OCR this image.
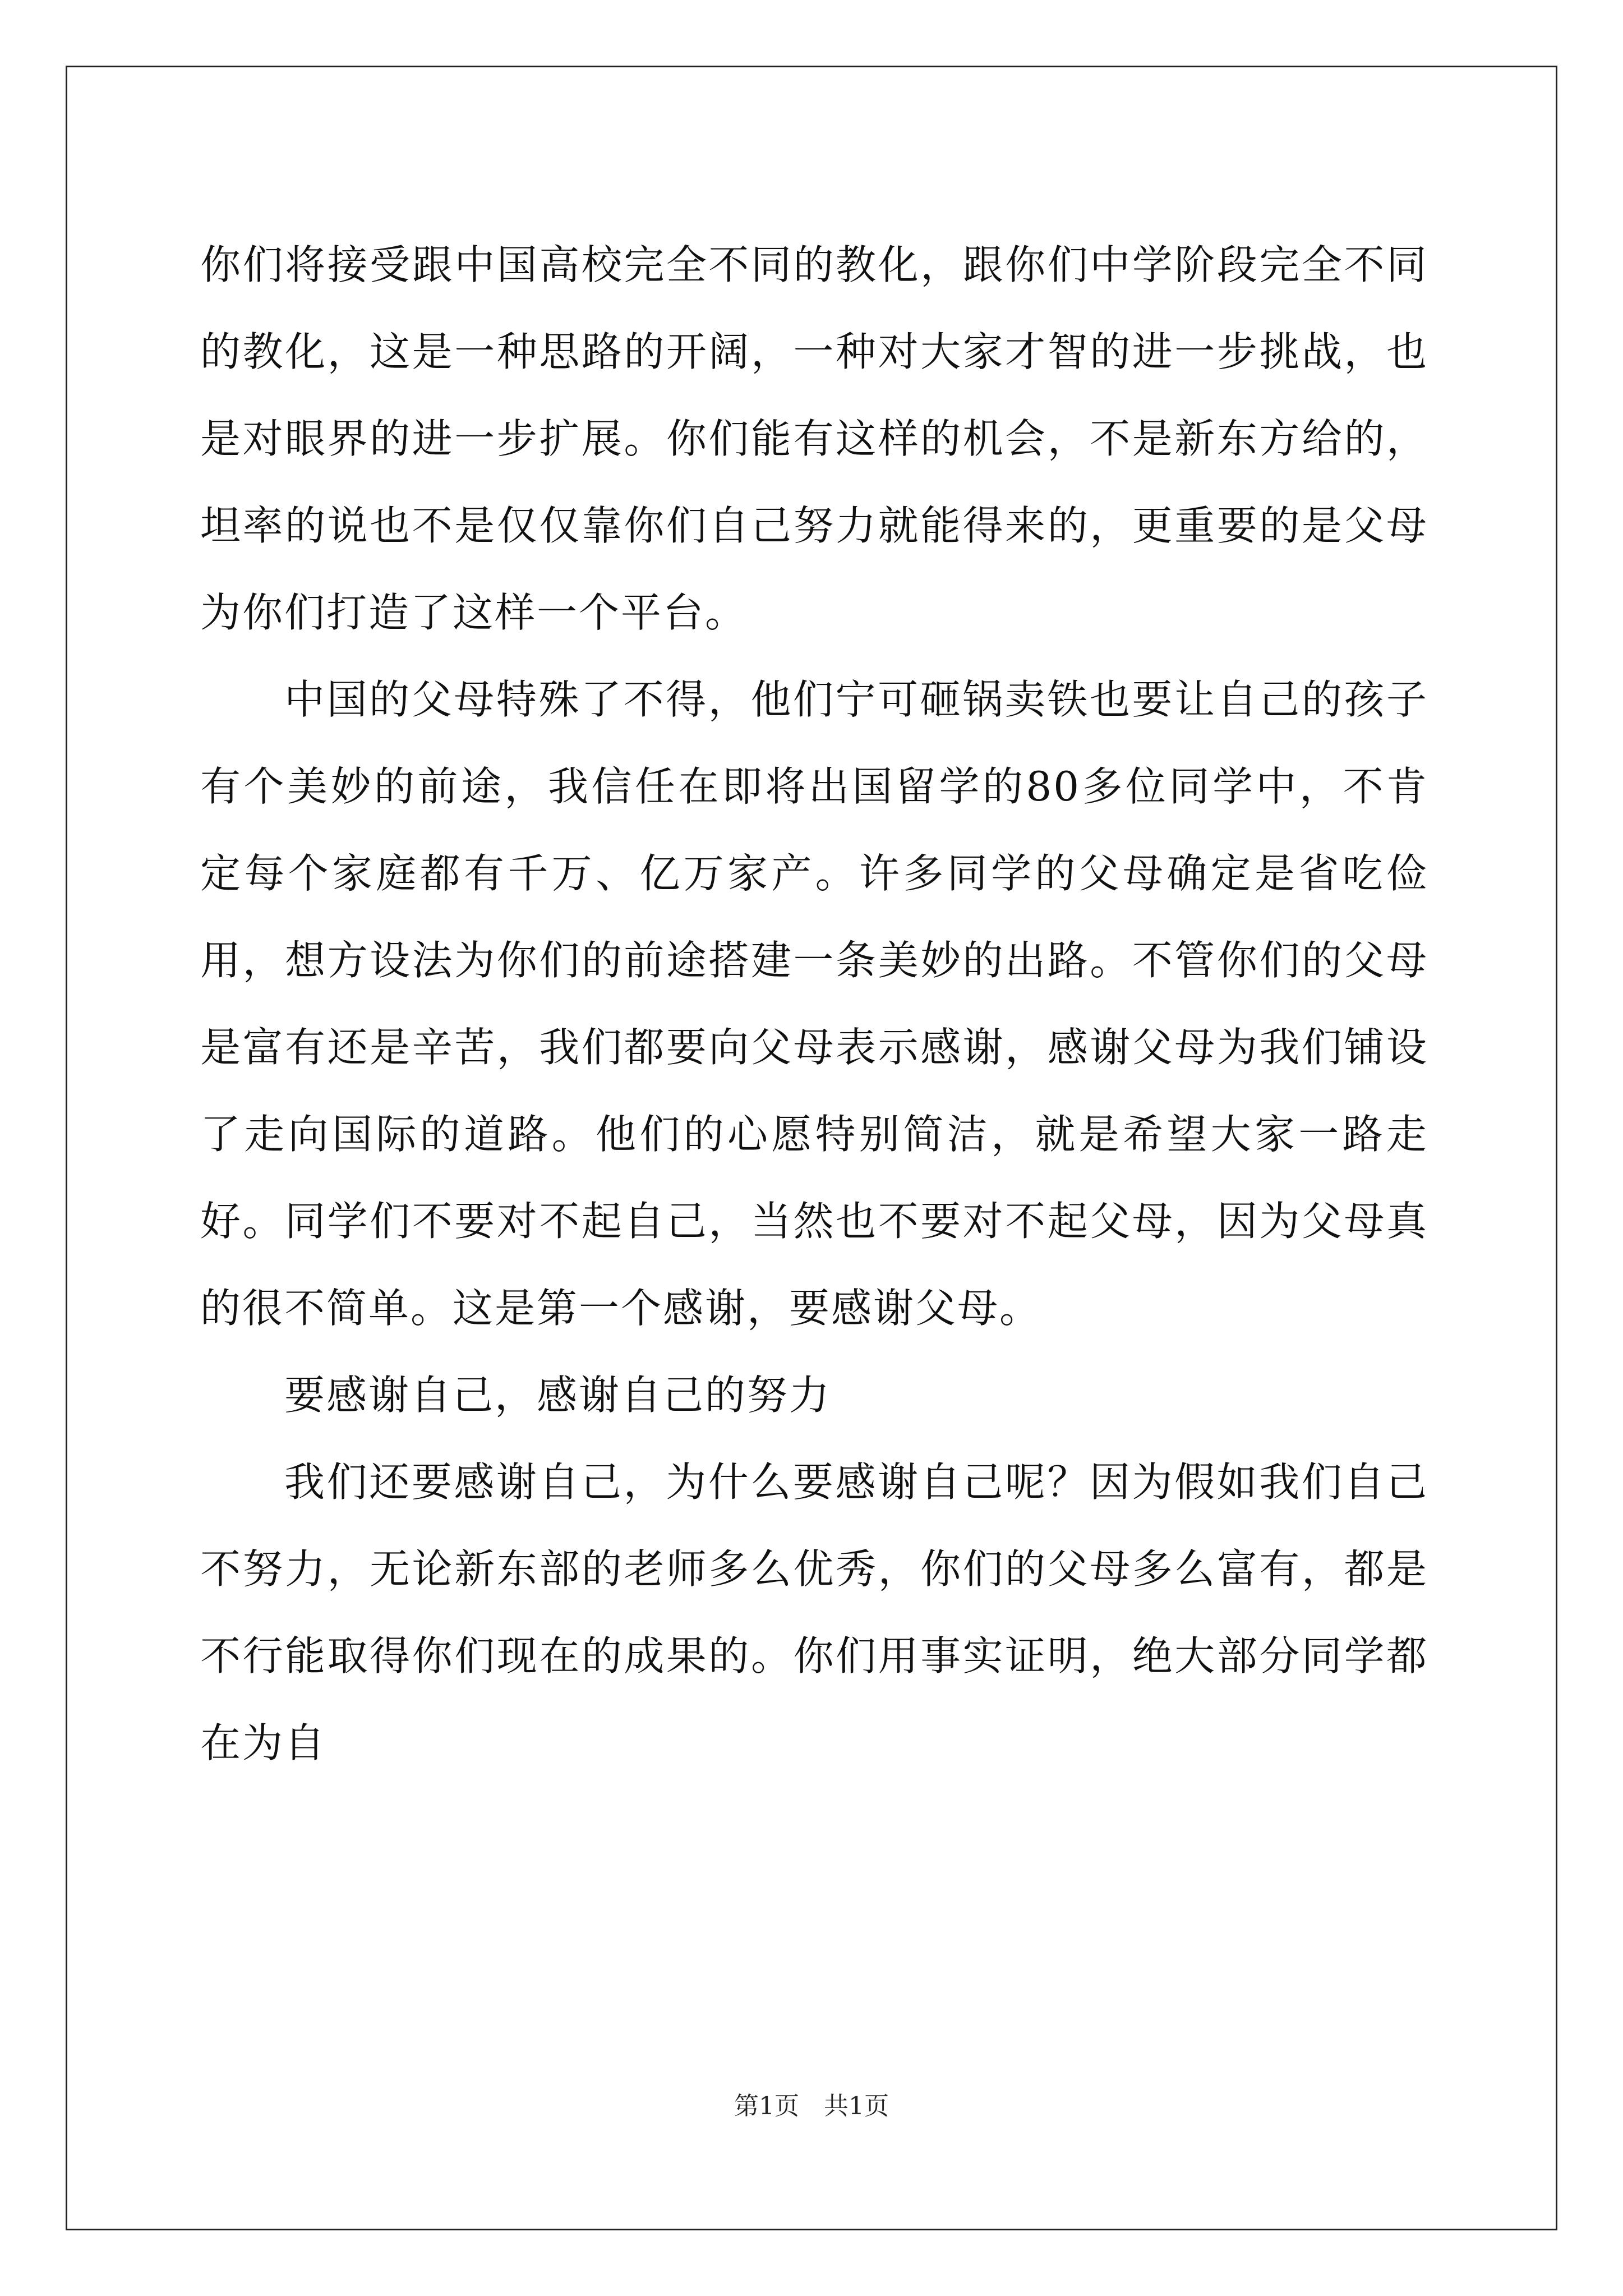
你们将接受跟中国高校完全不同的教化，跟你们中学阶段完全不同的教化，这是一种思路的开阔，一种对大家才智的进一步挑战，也是对眼界的进一步扩展。你们能有这样的机会，不是新东方给的，坦率的说也不是仅仅靠你们自己努力就能得来的，更重要的是父母为你们打造了这样一个平台。

中国的父母特殊了不得，他们宁可砸锅卖铁也要让自己的孩子有个美妙的前途，我信任在即将出国留学的80多位同学中，不肯定每个家庭都有千万、亿万家产。许多同学的父母确定是省吃俭用，想方设法为你们的前途搭建一条美妙的出路。不管你们的父母是富有还是辛苦，我们都要向父母表示感谢，感谢父母为我们铺设了走向国际的道路。他们的心愿特别简洁，就是希望大家一路走好。同学们不要对不起自己，当然也不要对不起父母，因为父母真的很不简单。这是第一个感谢，要感谢父母。

要感谢自己，感谢自己的努力

我们还要感谢自己，为什么要感谢自己呢？因为假如我们自己不努力，无论新东部的老师多么优秀，你们的父母多么富有，都是不行能取得你们现在的成果的。你们用事实证明，绝大部分同学都在为自

第1页　共1页
